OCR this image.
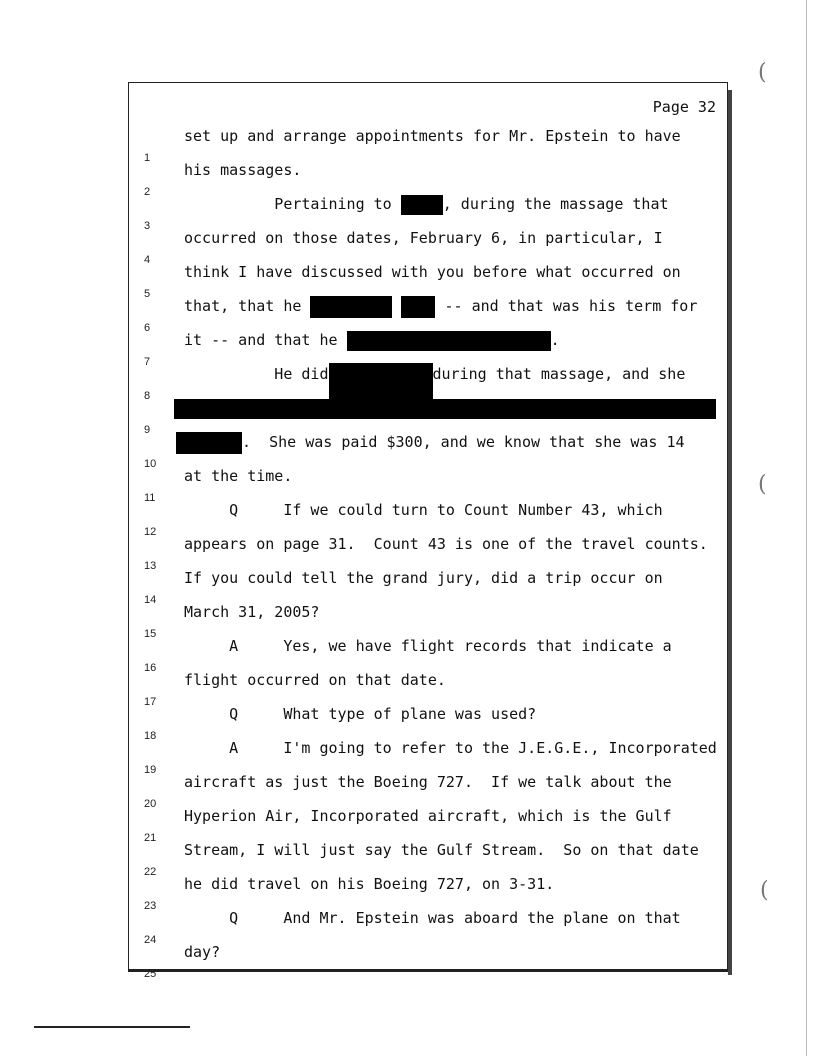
Page 32

1

set up and arrange appointments for Mr. Epstein to have

2

his massages.

3

Pertaining to	, during the massage that

4

occurred on those dates, February 6, in particular, I

5

think I have discussed with you before what occurred on

6

that, that he	-- and that was his term for

7

it -- and that he	.

8

He did	during that massage, and she

9

10

.  She was paid $300, and we know that she was 14

11

at the time.

12

Q     If we could turn to Count Number 43, which

13

appears on page 31.  Count 43 is one of the travel counts.

14

If you could tell the grand jury, did a trip occur on

15

March 31, 2005?

16

A     Yes, we have flight records that indicate a

17

flight occurred on that date.

18

Q     What type of plane was used?

19

A     I'm going to refer to the J.E.G.E., Incorporated

20

aircraft as just the Boeing 727.  If we talk about the

21

Hyperion Air, Incorporated aircraft, which is the Gulf

22

Stream, I will just say the Gulf Stream.  So on that date

23

he did travel on his Boeing 727, on 3-31.

24

Q     And Mr. Epstein was aboard the plane on that

25

day?

(
(
(
